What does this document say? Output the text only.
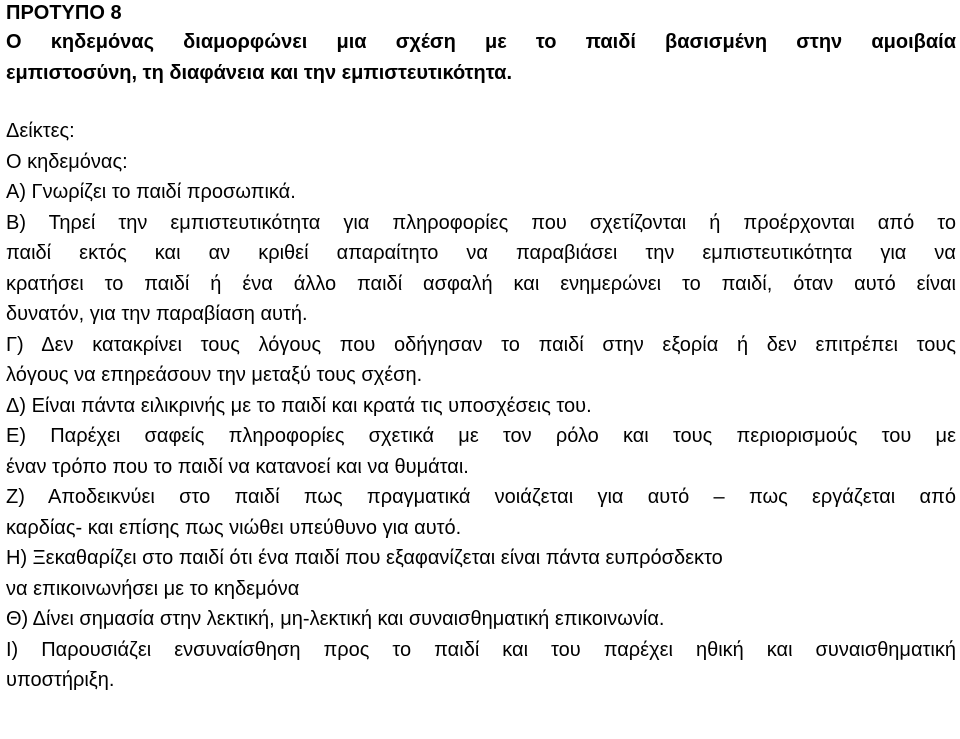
ΠΡΟΤΥΠΟ 8
Ο κηδεμόνας διαμορφώνει μια σχέση με το παιδί βασισμένη στην αμοιβαία
εμπιστοσύνη, τη διαφάνεια και την εμπιστευτικότητα.
Δείκτες:
Ο κηδεμόνας:
Α) Γνωρίζει το παιδί προσωπικά.
Β) Τηρεί την εμπιστευτικότητα για πληροφορίες που σχετίζονται ή προέρχονται από το
παιδί εκτός και αν κριθεί απαραίτητο να παραβιάσει την εμπιστευτικότητα για να
κρατήσει το παιδί ή ένα άλλο παιδί ασφαλή και ενημερώνει το παιδί, όταν αυτό είναι
δυνατόν, για την παραβίαση αυτή.
Γ) Δεν κατακρίνει τους λόγους που οδήγησαν το παιδί στην εξορία ή δεν επιτρέπει τους
λόγους να επηρεάσουν την μεταξύ τους σχέση.
Δ) Είναι πάντα ειλικρινής με το παιδί και κρατά τις υποσχέσεις του.
Ε) Παρέχει σαφείς πληροφορίες σχετικά με τον ρόλο και τους περιορισμούς του με
έναν τρόπο που το παιδί να κατανοεί και να θυμάται.
Ζ) Αποδεικνύει στο παιδί πως πραγματικά νοιάζεται για αυτό – πως εργάζεται από
καρδίας- και επίσης πως νιώθει υπεύθυνο για αυτό.
Η) Ξεκαθαρίζει στο παιδί ότι ένα παιδί που εξαφανίζεται είναι πάντα ευπρόσδεκτο
να επικοινωνήσει με το κηδεμόνα
Θ) Δίνει σημασία στην λεκτική, μη-λεκτική και συναισθηματική επικοινωνία.
Ι) Παρουσιάζει ενσυναίσθηση προς το παιδί και του παρέχει ηθική και συναισθηματική
υποστήριξη.
